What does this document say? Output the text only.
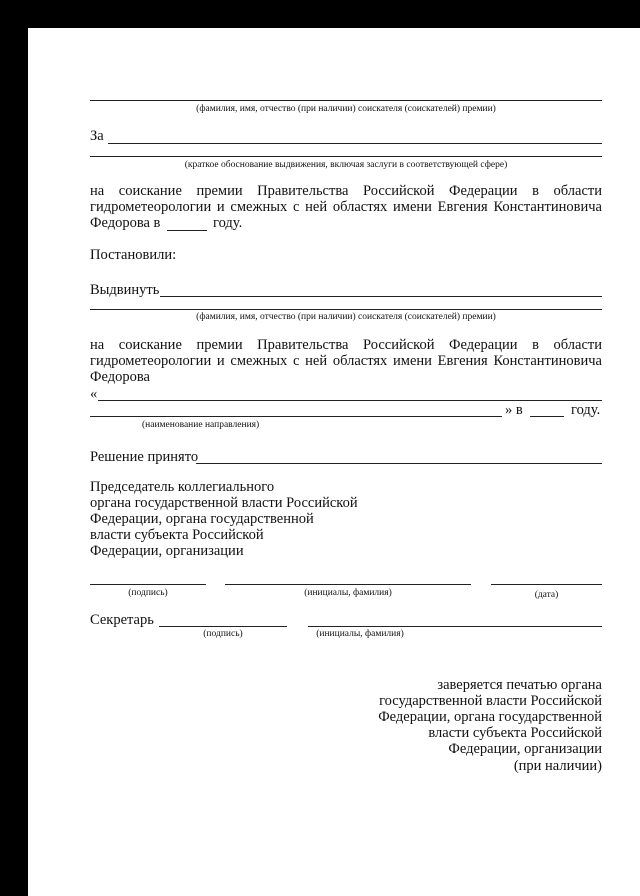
(фамилия, имя, отчество (при наличии) соискателя (соискателей) премии)
За
(краткое обоснование выдвижения, включая заслуги в соответствующей сфере)
на соискание премии Правительства Российской Федерации в области
гидрометеорологии и смежных с ней областях имени Евгения Константиновича
Федорова в	году.
Постановили:
Выдвинуть
(фамилия, имя, отчество (при наличии) соискателя (соискателей) премии)
на соискание премии Правительства Российской Федерации в области
гидрометеорологии и смежных с ней областях имени Евгения Константиновича
Федорова
«
» в	году.
(наименование направления)
Решение принято
Председатель коллегиального
органа государственной власти Российской
Федерации, органа государственной
власти субъекта Российской
Федерации, организации
(подпись)	(инициалы, фамилия)	(дата)
Секретарь
(подпись)	(инициалы, фамилия)
заверяется печатью органа
государственной власти Российской
Федерации, органа государственной
власти субъекта Российской
Федерации, организации
(при наличии)
